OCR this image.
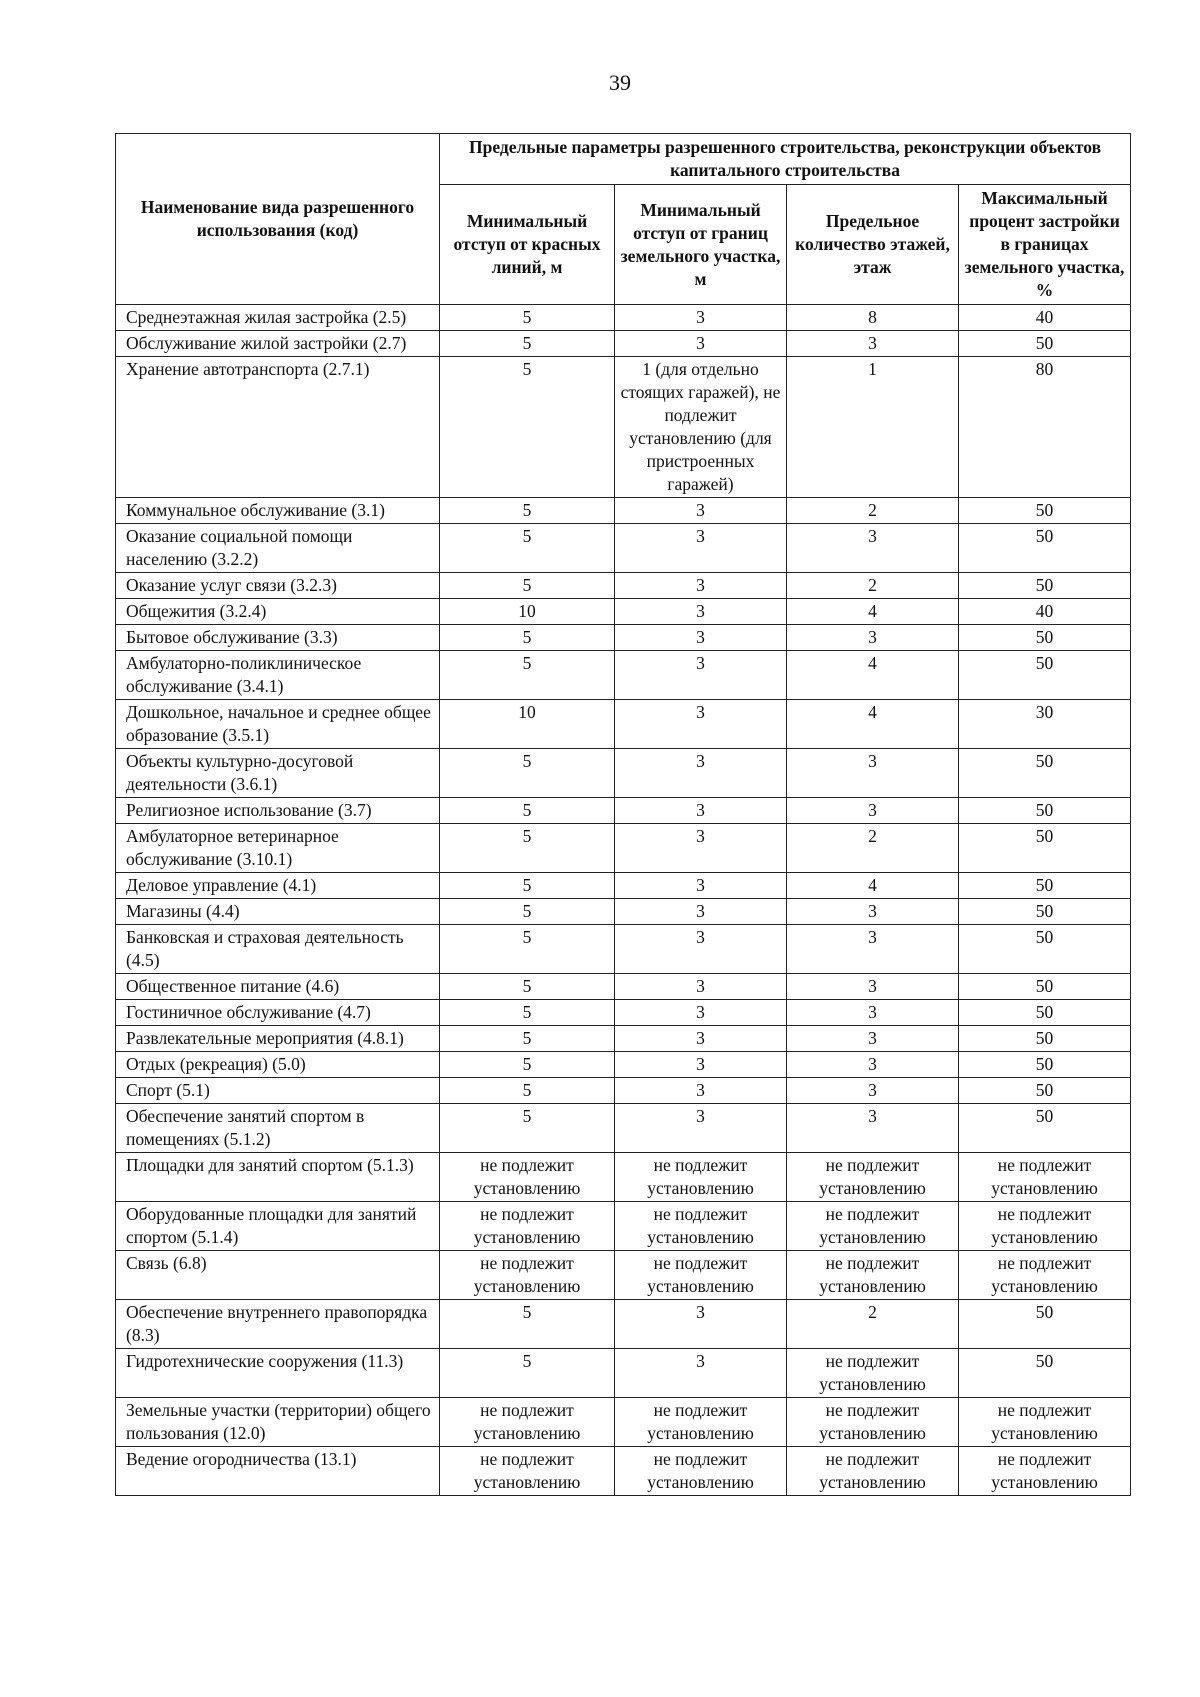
39
Наименование вида разрешенного использования (код)	Предельные параметры разрешенного строительства, реконструкции объектов капитального строительства			
	Минимальный отступ от красных линий, м	Минимальный отступ от границ земельного участка, м	Предельное количество этажей, этаж	Максимальный процент застройки в границах земельного участка, %
Среднеэтажная жилая застройка (2.5)	5	3	8	40
Обслуживание жилой застройки (2.7)	5	3	3	50
Хранение автотранспорта (2.7.1)	5	1 (для отдельно стоящих гаражей), не подлежит установлению (для пристроенных гаражей)	1	80
Коммунальное обслуживание (3.1)	5	3	2	50
Оказание социальной помощи населению (3.2.2)	5	3	3	50
Оказание услуг связи (3.2.3)	5	3	2	50
Общежития (3.2.4)	10	3	4	40
Бытовое обслуживание (3.3)	5	3	3	50
Амбулаторно-поликлиническое обслуживание (3.4.1)	5	3	4	50
Дошкольное, начальное и среднее общее образование (3.5.1)	10	3	4	30
Объекты культурно-досуговой деятельности (3.6.1)	5	3	3	50
Религиозное использование (3.7)	5	3	3	50
Амбулаторное ветеринарное обслуживание (3.10.1)	5	3	2	50
Деловое управление (4.1)	5	3	4	50
Магазины (4.4)	5	3	3	50
Банковская и страховая деятельность (4.5)	5	3	3	50
Общественное питание (4.6)	5	3	3	50
Гостиничное обслуживание (4.7)	5	3	3	50
Развлекательные мероприятия (4.8.1)	5	3	3	50
Отдых (рекреация) (5.0)	5	3	3	50
Спорт (5.1)	5	3	3	50
Обеспечение занятий спортом в помещениях (5.1.2)	5	3	3	50
Площадки для занятий спортом (5.1.3)	не подлежит установлению	не подлежит установлению	не подлежит установлению	не подлежит установлению
Оборудованные площадки для занятий спортом (5.1.4)	не подлежит установлению	не подлежит установлению	не подлежит установлению	не подлежит установлению
Связь (6.8)	не подлежит установлению	не подлежит установлению	не подлежит установлению	не подлежит установлению
Обеспечение внутреннего правопорядка (8.3)	5	3	2	50
Гидротехнические сооружения (11.3)	5	3	не подлежит установлению	50
Земельные участки (территории) общего пользования (12.0)	не подлежит установлению	не подлежит установлению	не подлежит установлению	не подлежит установлению
Ведение огородничества (13.1)	не подлежит установлению	не подлежит установлению	не подлежит установлению	не подлежит установлению
